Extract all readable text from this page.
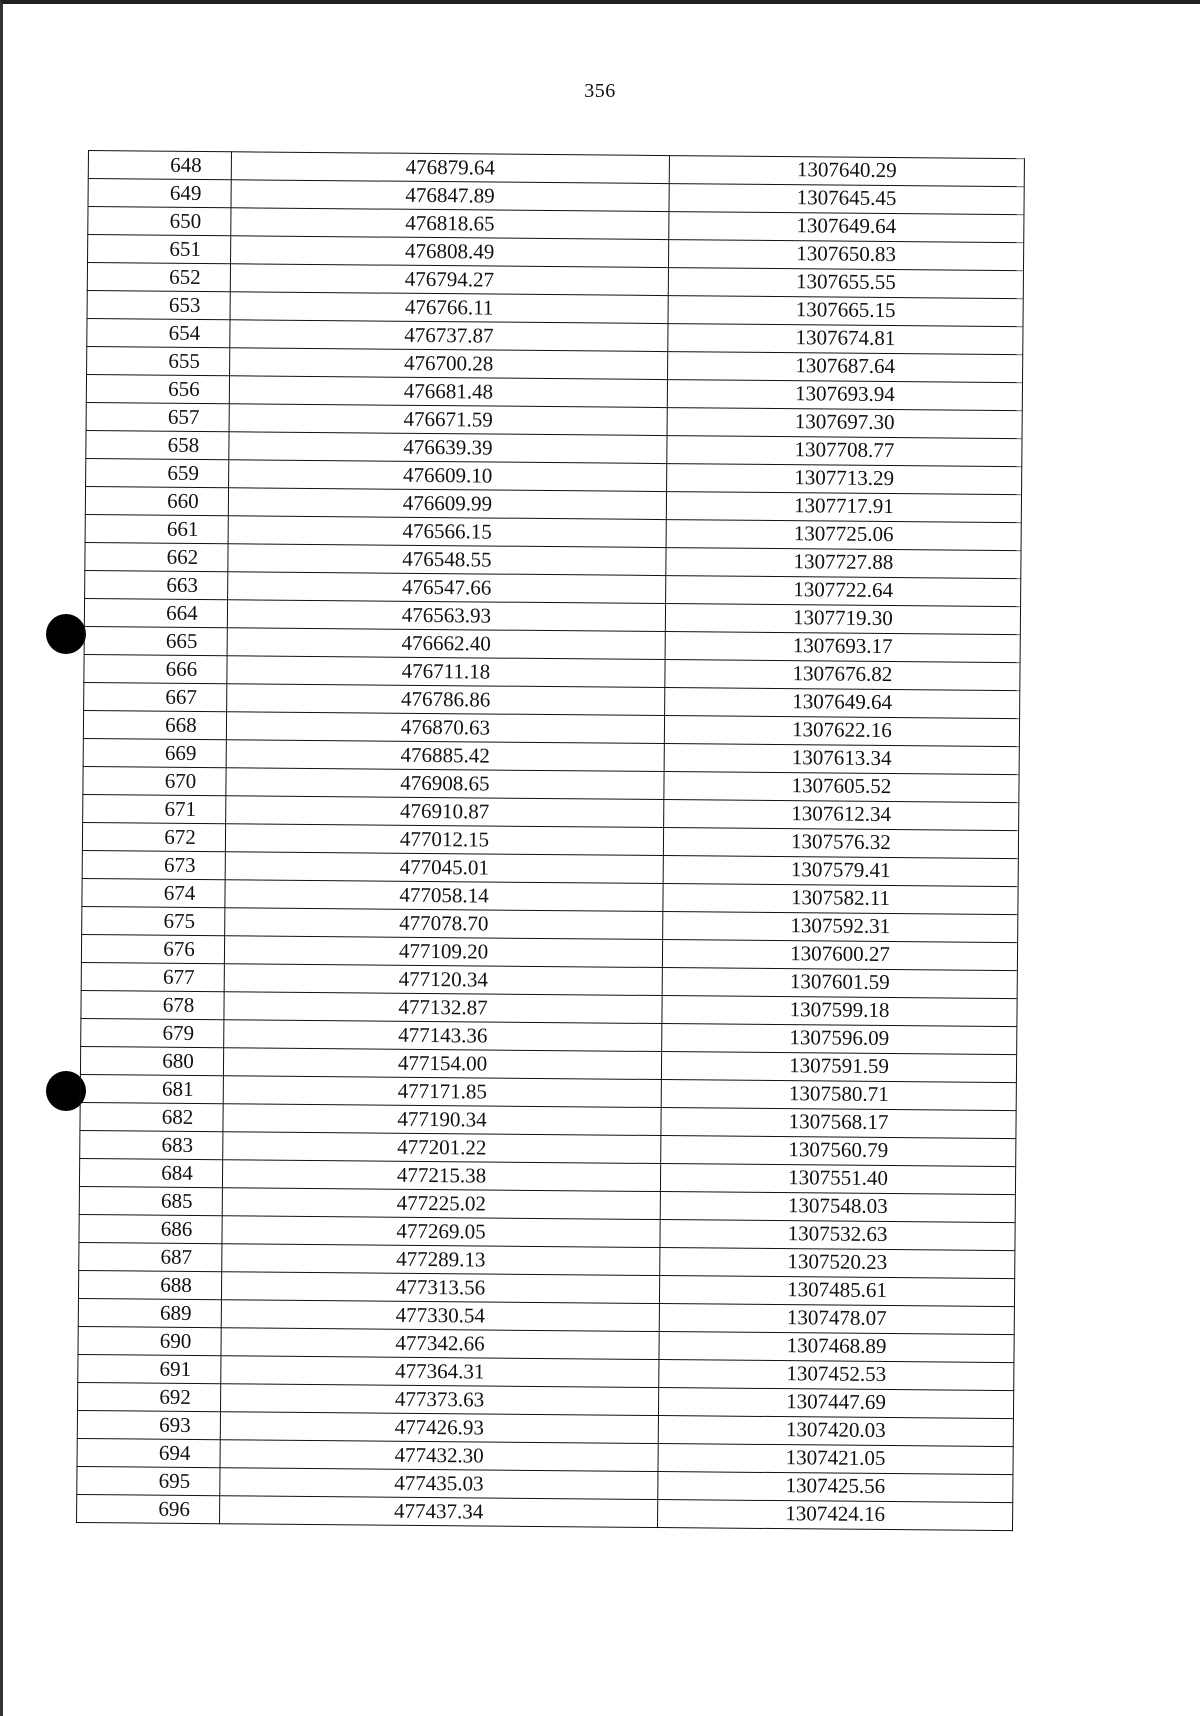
356
648	476879.64	1307640.29
649	476847.89	1307645.45
650	476818.65	1307649.64
651	476808.49	1307650.83
652	476794.27	1307655.55
653	476766.11	1307665.15
654	476737.87	1307674.81
655	476700.28	1307687.64
656	476681.48	1307693.94
657	476671.59	1307697.30
658	476639.39	1307708.77
659	476609.10	1307713.29
660	476609.99	1307717.91
661	476566.15	1307725.06
662	476548.55	1307727.88
663	476547.66	1307722.64
664	476563.93	1307719.30
665	476662.40	1307693.17
666	476711.18	1307676.82
667	476786.86	1307649.64
668	476870.63	1307622.16
669	476885.42	1307613.34
670	476908.65	1307605.52
671	476910.87	1307612.34
672	477012.15	1307576.32
673	477045.01	1307579.41
674	477058.14	1307582.11
675	477078.70	1307592.31
676	477109.20	1307600.27
677	477120.34	1307601.59
678	477132.87	1307599.18
679	477143.36	1307596.09
680	477154.00	1307591.59
681	477171.85	1307580.71
682	477190.34	1307568.17
683	477201.22	1307560.79
684	477215.38	1307551.40
685	477225.02	1307548.03
686	477269.05	1307532.63
687	477289.13	1307520.23
688	477313.56	1307485.61
689	477330.54	1307478.07
690	477342.66	1307468.89
691	477364.31	1307452.53
692	477373.63	1307447.69
693	477426.93	1307420.03
694	477432.30	1307421.05
695	477435.03	1307425.56
696	477437.34	1307424.16
